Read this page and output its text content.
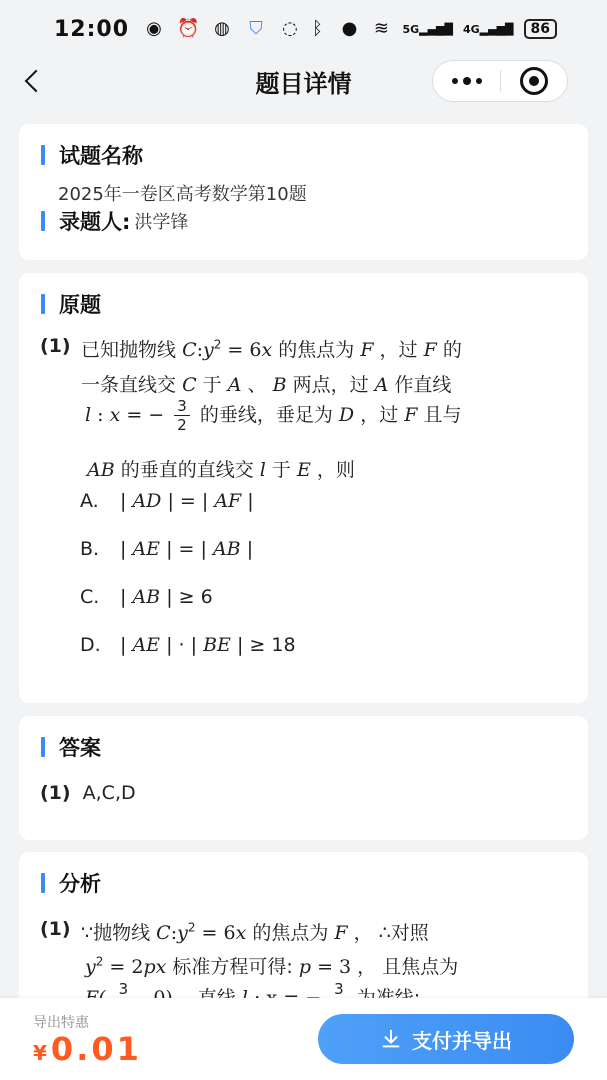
12:00 ◉ ⏰ ◍ ⛉ ◌ ᛒ	● ≋	5G▂▄▆█ 4G▂▄▆█	86
题目详情
试题名称
2025年一卷区高考数学第10题
录题人: 洪学锋
原题
(1) 已知抛物线 $C:y^2 = 6x$ 的焦点为 F ，过 F 的
一条直线交 C 于 A 、 B 两点，过 A 作直线
l : x = − $\frac{3}{2}$ 的垂线，垂足为 D ，过 F 且与
AB 的垂直的直线交 l 于 E ，则
A. | AD | = | AF |
B. | AE | = | AB |
C. | AB | ≥ 6
D. | AE | · | BE | ≥ 18
答案
(1) A,C,D
分析
(1) ∵抛物线 $C:y^2 = 6x$ 的焦点为 F ， ∴对照
$y^2 = 2px$ 标准方程可得: p = 3 ， 且焦点为
3
	3
导出特惠
¥ 0.01	支付并导出
